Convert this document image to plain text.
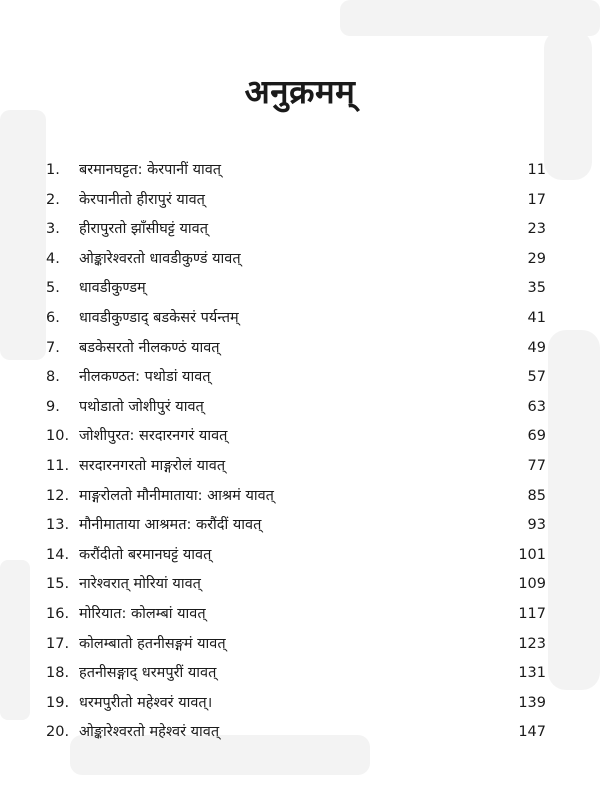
अनुक्रमम्
1.	बरमानघट्टत: केरपानीं यावत्	11
2.	केरपानीतो हीरापुरं यावत्	17
3.	हीरापुरतो झाँसीघट्टं यावत्	23
4.	ओङ्कारेश्वरतो धावडीकुण्डं यावत्	29
5.	धावडीकुण्डम्	35
6.	धावडीकुण्डाद् बडकेसरं पर्यन्तम्	41
7.	बडकेसरतो नीलकण्ठं यावत्	49
8.	नीलकण्ठत: पथोडां यावत्	57
9.	पथोडातो जोशीपुरं यावत्	63
10. जोशीपुरत: सरदारनगरं यावत्	69
11. सरदारनगरतो माङ्गरोलं यावत्	77
12. माङ्गरोलतो मौनीमाताया: आश्रमं यावत्	85
13. मौनीमाताया आश्रमत: करौंदीं यावत्	93
14. करौंदीतो बरमानघट्टं यावत्	101
15. नारेश्वरात् मोरियां यावत्	109
16. मोरियात: कोलम्बां यावत्	117
17. कोलम्बातो हतनीसङ्गमं यावत्	123
18. हतनीसङ्गाद् धरमपुरीं यावत्	131
19. धरमपुरीतो महेश्वरं यावत्।	139
20. ओङ्कारेश्वरतो महेश्वरं यावत्	147
